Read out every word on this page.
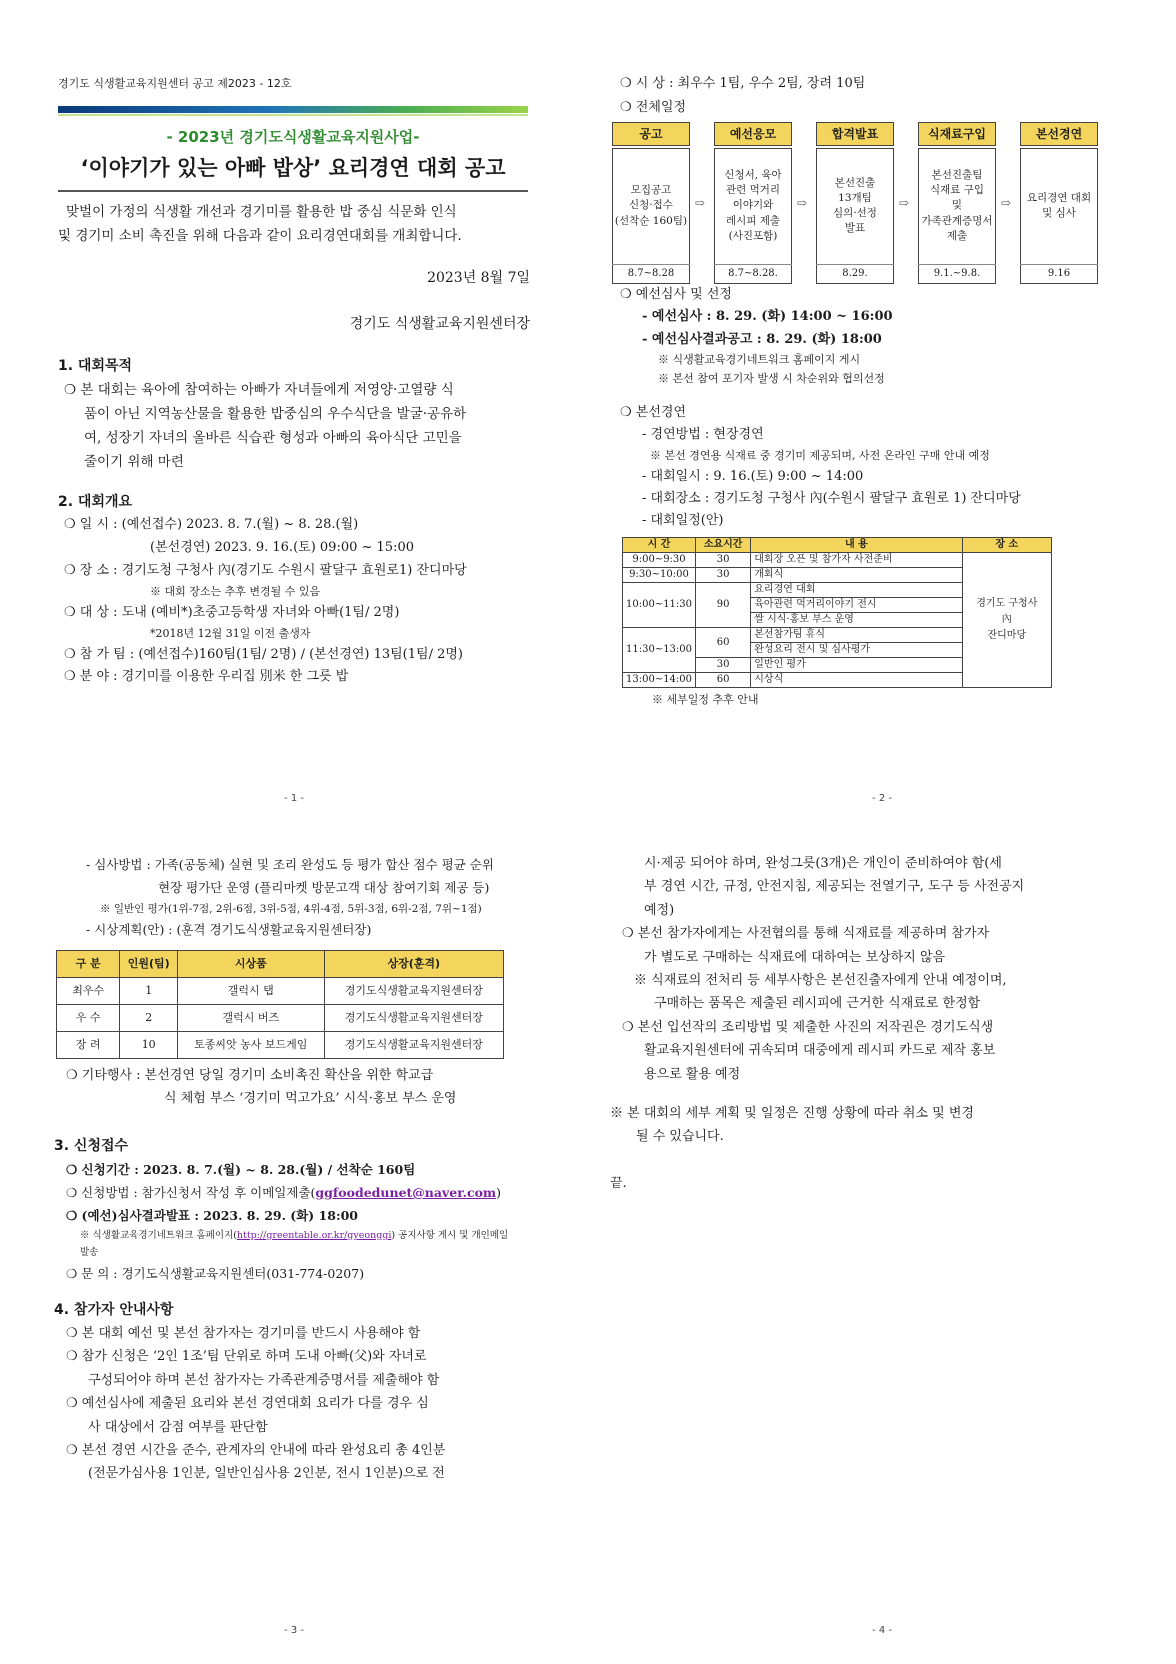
경기도 식생활교육지원센터 공고 제2023 - 12호
- 2023년 경기도식생활교육지원사업-
‘이야기가 있는 아빠 밥상’ 요리경연 대회 공고
맞벌이 가정의 식생활 개선과 경기미를 활용한 밥 중심 식문화 인식
및 경기미 소비 촉진을 위해 다음과 같이 요리경연대회를 개최합니다.
2023년 8월 7일
경기도 식생활교육지원센터장
1. 대회목적
❍ 본 대회는 육아에 참여하는 아빠가 자녀들에게 저영양·고열량 식
품이 아닌 지역농산물을 활용한 밥중심의 우수식단을 발굴·공유하
여, 성장기 자녀의 올바른 식습관 형성과 아빠의 육아식단 고민을
줄이기 위해 마련
2. 대회개요
❍ 일 시 : (예선접수) 2023. 8. 7.(월) ~ 8. 28.(월)
(본선경연) 2023. 9. 16.(토) 09:00 ~ 15:00
❍ 장 소 : 경기도청 구청사 內(경기도 수원시 팔달구 효원로1) 잔디마당
※ 대회 장소는 추후 변경될 수 있음
❍ 대 상 : 도내 (예비*)초중고등학생 자녀와 아빠(1팀/ 2명)
*2018년 12월 31일 이전 출생자
❍ 참 가 팀 : (예선접수)160팀(1팀/ 2명) / (본선경연) 13팀(1팀/ 2명)
❍ 분 야 : 경기미를 이용한 우리집 別米 한 그릇 밥
- 1 -
❍ 시 상 : 최우수 1팀, 우수 2팀, 장려 10팀
❍ 전체일정
공고
모집공고
신청·접수
(선착순 160팀)
8.7~8.28
⇨
예선응모
신청서, 육아
관련 먹거리
이야기와
레시피 제출
(사진포함)
8.7~8.28.
⇨
합격발표
본선진출
13개팀
심의·선정
발표
8.29.
⇨
식재료구입
본선진출팀
식재료 구입
및
가족관계증명서
제출
9.1.~9.8.
⇨
본선경연
요리경연 대회
및 심사
9.16
❍ 예선심사 및 선정
- 예선심사 : 8. 29. (화) 14:00 ~ 16:00
- 예선심사결과공고 : 8. 29. (화) 18:00
※ 식생활교육경기네트워크 홈페이지 게시
※ 본선 참여 포기자 발생 시 차순위와 협의선정
❍ 본선경연
- 경연방법 : 현장경연
※ 본선 경연용 식재료 중 경기미 제공되며, 사전 온라인 구매 안내 예정
- 대회일시 : 9. 16.(토) 9:00 ~ 14:00
- 대회장소 : 경기도청 구청사 內(수원시 팔달구 효원로 1) 잔디마당
- 대회일정(안)
시 간	소요시간	내 용	장 소
9:00~9:30	30	대회장 오픈 및 참가자 사전준비	경기도 구청사
內
잔디마당
9:30~10:00	30	개회식	
10:00~11:30	90	요리경연 대회	
		육아관련 먹거리이야기 전시	
		쌀 시식·홍보 부스 운영	
11:30~13:00	60	본선참가팀 휴식	
		완성요리 전시 및 심사평가	
	30	일반인 평가	
13:00~14:00	60	시상식	
※ 세부일정 추후 안내
- 2 -
- 심사방법 : 가족(공동체) 실현 및 조리 완성도 등 평가 합산 점수 평균 순위
현장 평가단 운영 (플리마켓 방문고객 대상 참여기회 제공 등)
※ 일반인 평가(1위-7점, 2위-6점, 3위-5점, 4위-4점, 5위-3점, 6위-2점, 7위~1점)
- 시상계획(안) : (훈격 경기도식생활교육지원센터장)
구 분	인원(팀)	시상품	상장(훈격)
최우수	1	갤럭시 탭	경기도식생활교육지원센터장
우 수	2	갤럭시 버즈	경기도식생활교육지원센터장
장 려	10	토종씨앗 농사 보드게임	경기도식생활교육지원센터장
❍ 기타행사 : 본선경연 당일 경기미 소비촉진 확산을 위한 학교급
식 체험 부스 ‘경기미 먹고가요’ 시식·홍보 부스 운영
3. 신청접수
❍ 신청기간 : 2023. 8. 7.(월) ~ 8. 28.(월) / 선착순 160팀
❍ 신청방법 : 참가신청서 작성 후 이메일제출(ggfoodedunet@naver.com)
❍ (예선)심사결과발표 : 2023. 8. 29. (화) 18:00
※ 식생활교육경기네트워크 홈페이지(http://greentable.or.kr/gyeonggi) 공지사항 게시 및 개인메일 발송
❍ 문 의 : 경기도식생활교육지원센터(031-774-0207)
4. 참가자 안내사항
❍ 본 대회 예선 및 본선 참가자는 경기미를 반드시 사용해야 함
❍ 참가 신청은 ‘2인 1조’팀 단위로 하며 도내 아빠(父)와 자녀로
구성되어야 하며 본선 참가자는 가족관계증명서를 제출해야 함
❍ 예선심사에 제출된 요리와 본선 경연대회 요리가 다를 경우 심
사 대상에서 감점 여부를 판단함
❍ 본선 경연 시간을 준수, 관계자의 안내에 따라 완성요리 총 4인분
(전문가심사용 1인분, 일반인심사용 2인분, 전시 1인분)으로 전
- 3 -
시·제공 되어야 하며, 완성그릇(3개)은 개인이 준비하여야 함(세
부 경연 시간, 규정, 안전지침, 제공되는 전열기구, 도구 등 사전공지
예정)
❍ 본선 참가자에게는 사전협의를 통해 식재료를 제공하며 참가자
가 별도로 구매하는 식재료에 대하여는 보상하지 않음
※ 식재료의 전처리 등 세부사항은 본선진출자에게 안내 예정이며,
구매하는 품목은 제출된 레시피에 근거한 식재료로 한정함
❍ 본선 입선작의 조리방법 및 제출한 사진의 저작권은 경기도식생
활교육지원센터에 귀속되며 대중에게 레시피 카드로 제작 홍보
용으로 활용 예정
※ 본 대회의 세부 계획 및 일정은 진행 상황에 따라 취소 및 변경
될 수 있습니다.
끝.
- 4 -
